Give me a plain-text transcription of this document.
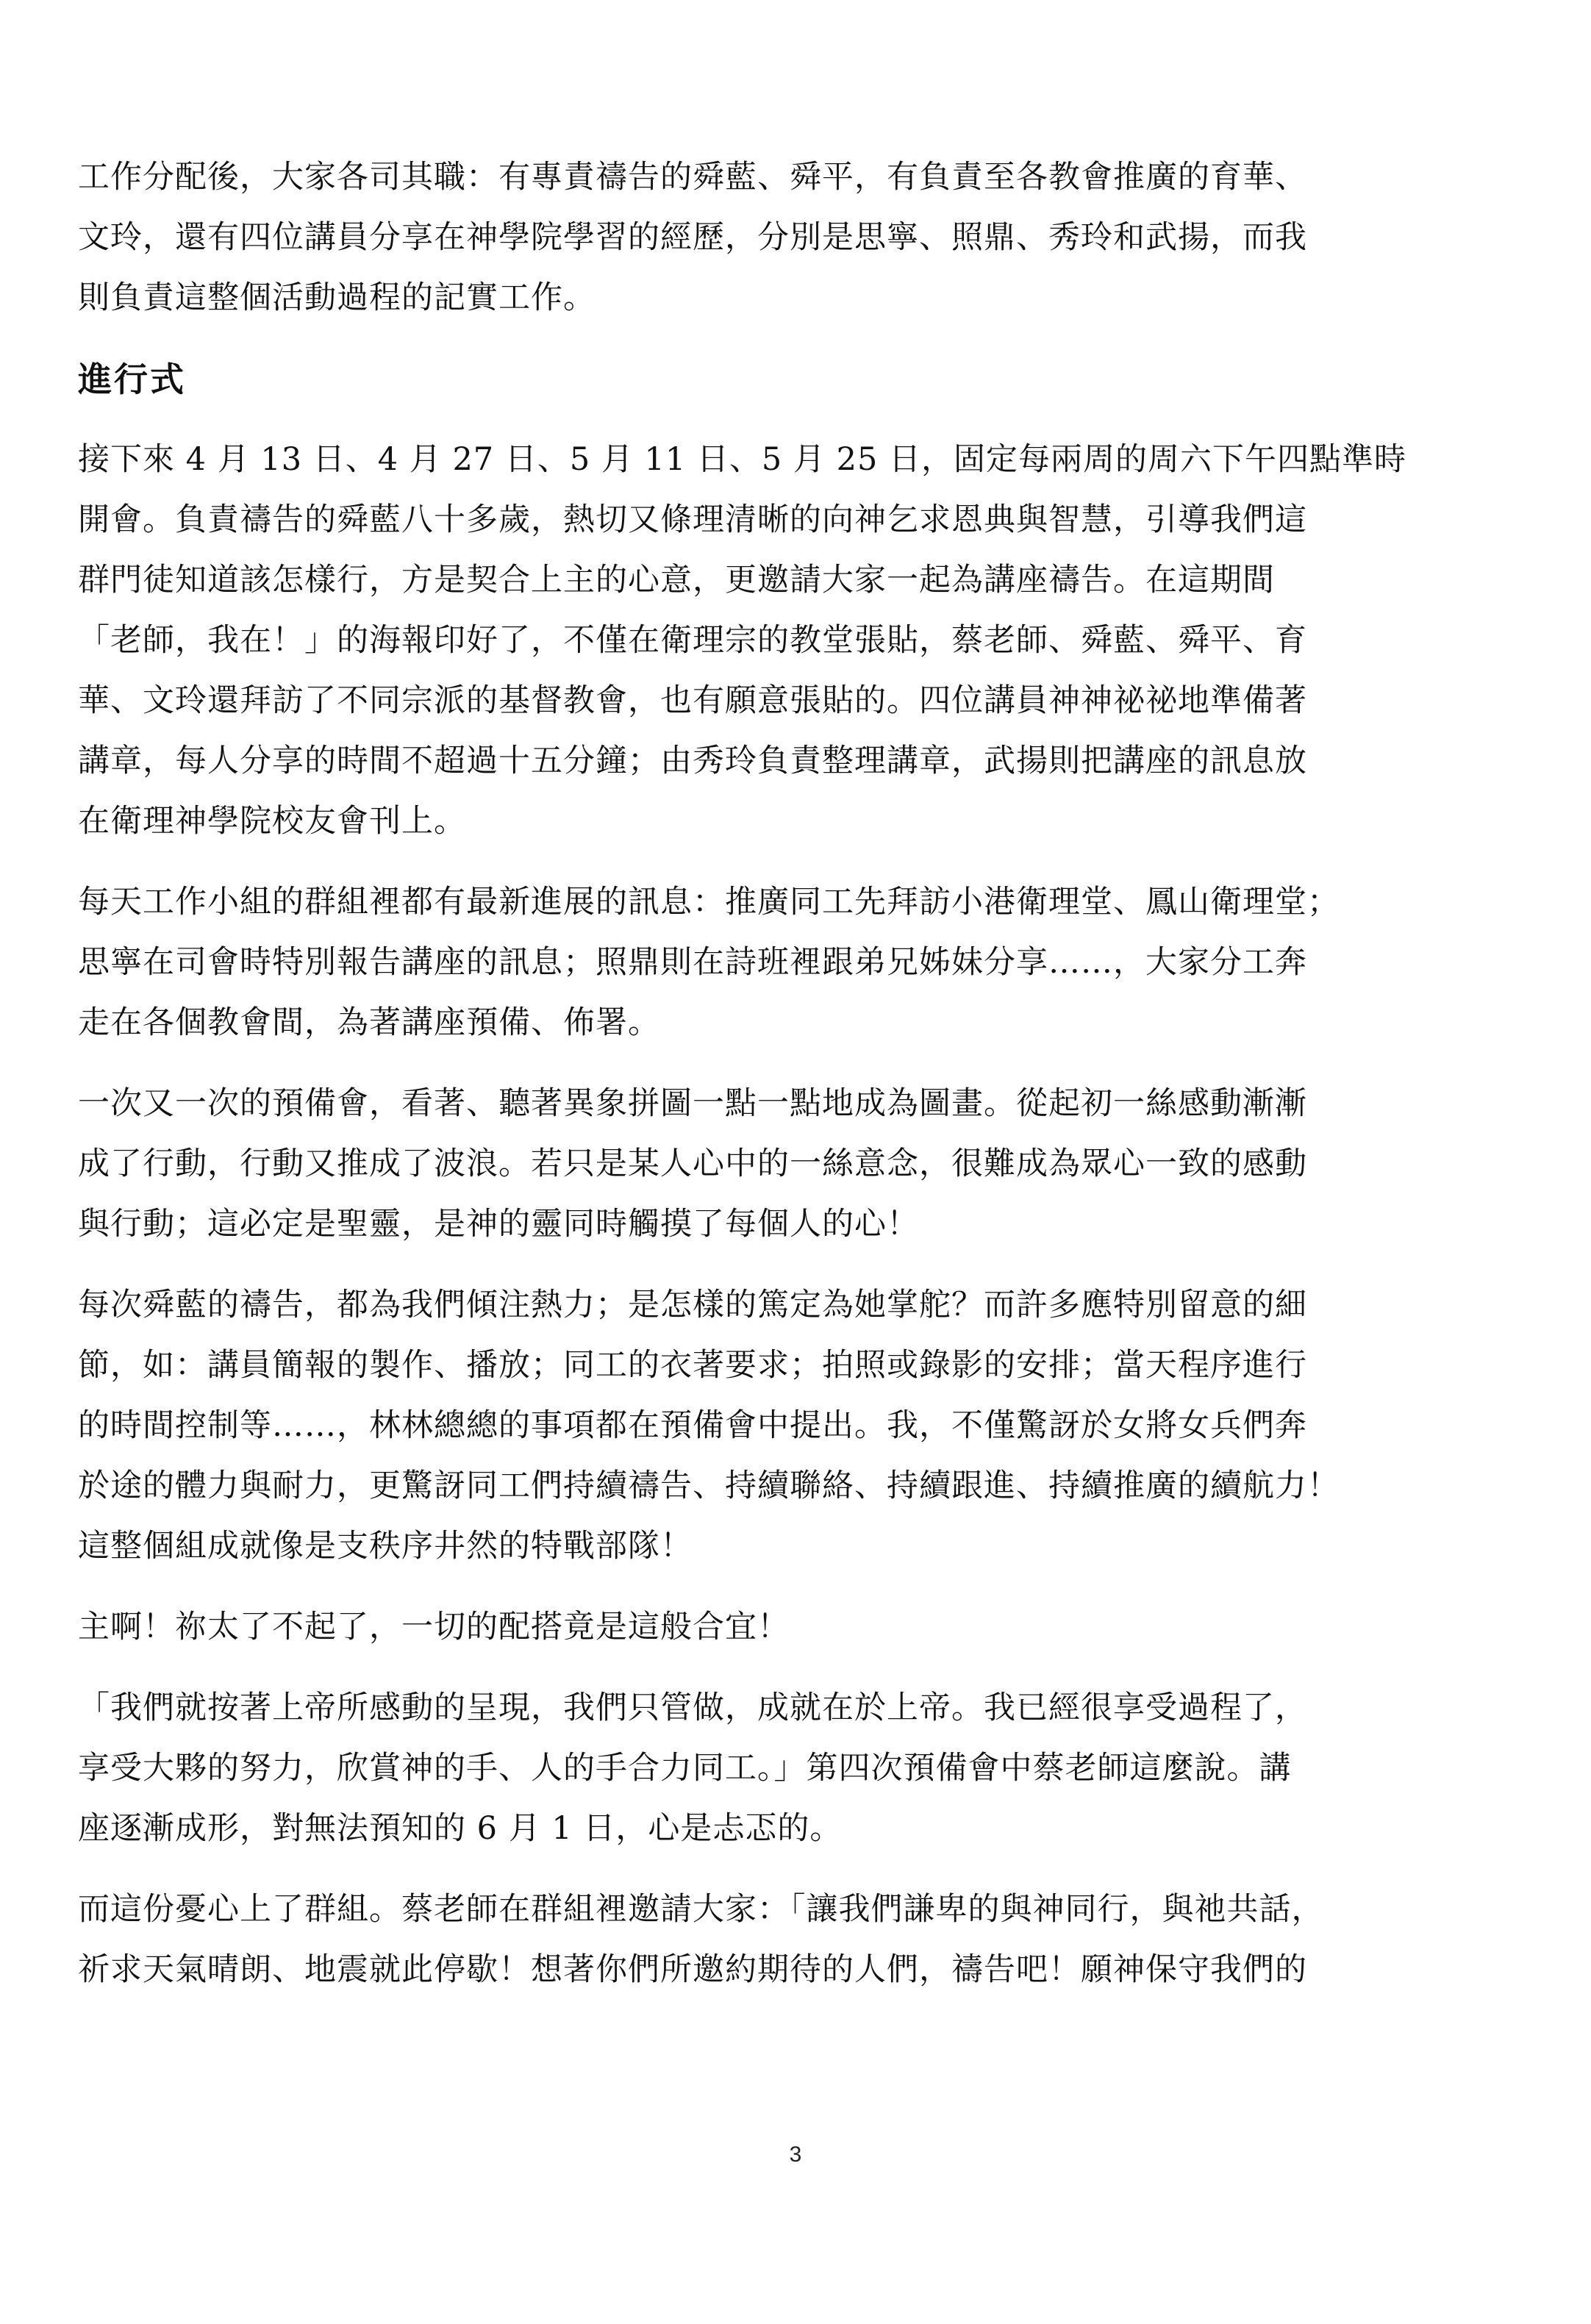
工作分配後，大家各司其職：有專責禱告的舜藍、舜平，有負責至各教會推廣的育華、
文玲，還有四位講員分享在神學院學習的經歷，分別是思寧、照鼎、秀玲和武揚，而我
則負責這整個活動過程的記實工作。

進行式

接下來 4 月 13 日、4 月 27 日、5 月 11 日、5 月 25 日，固定每兩周的周六下午四點準時
開會。負責禱告的舜藍八十多歲，熱切又條理清晰的向神乞求恩典與智慧，引導我們這
群門徒知道該怎樣行，方是契合上主的心意，更邀請大家一起為講座禱告。在這期間
「老師，我在！」的海報印好了，不僅在衛理宗的教堂張貼，蔡老師、舜藍、舜平、育
華、文玲還拜訪了不同宗派的基督教會，也有願意張貼的。四位講員神神祕祕地準備著
講章，每人分享的時間不超過十五分鐘；由秀玲負責整理講章，武揚則把講座的訊息放
在衛理神學院校友會刊上。

每天工作小組的群組裡都有最新進展的訊息：推廣同工先拜訪小港衛理堂、鳳山衛理堂；
思寧在司會時特別報告講座的訊息；照鼎則在詩班裡跟弟兄姊妹分享……，大家分工奔
走在各個教會間，為著講座預備、佈署。

一次又一次的預備會，看著、聽著異象拼圖一點一點地成為圖畫。從起初一絲感動漸漸
成了行動，行動又推成了波浪。若只是某人心中的一絲意念，很難成為眾心一致的感動
與行動；這必定是聖靈，是神的靈同時觸摸了每個人的心！

每次舜藍的禱告，都為我們傾注熱力；是怎樣的篤定為她掌舵？而許多應特別留意的細
節，如：講員簡報的製作、播放；同工的衣著要求；拍照或錄影的安排；當天程序進行
的時間控制等……，林林總總的事項都在預備會中提出。我，不僅驚訝於女將女兵們奔
於途的體力與耐力，更驚訝同工們持續禱告、持續聯絡、持續跟進、持續推廣的續航力！
這整個組成就像是支秩序井然的特戰部隊！

主啊！祢太了不起了，一切的配搭竟是這般合宜！

「我們就按著上帝所感動的呈現，我們只管做，成就在於上帝。我已經很享受過程了，
享受大夥的努力，欣賞神的手、人的手合力同工。」第四次預備會中蔡老師這麼說。講
座逐漸成形，對無法預知的 6 月 1 日，心是忐忑的。

而這份憂心上了群組。蔡老師在群組裡邀請大家：「讓我們謙卑的與神同行，與祂共話，
祈求天氣晴朗、地震就此停歇！想著你們所邀約期待的人們，禱告吧！願神保守我們的

3
